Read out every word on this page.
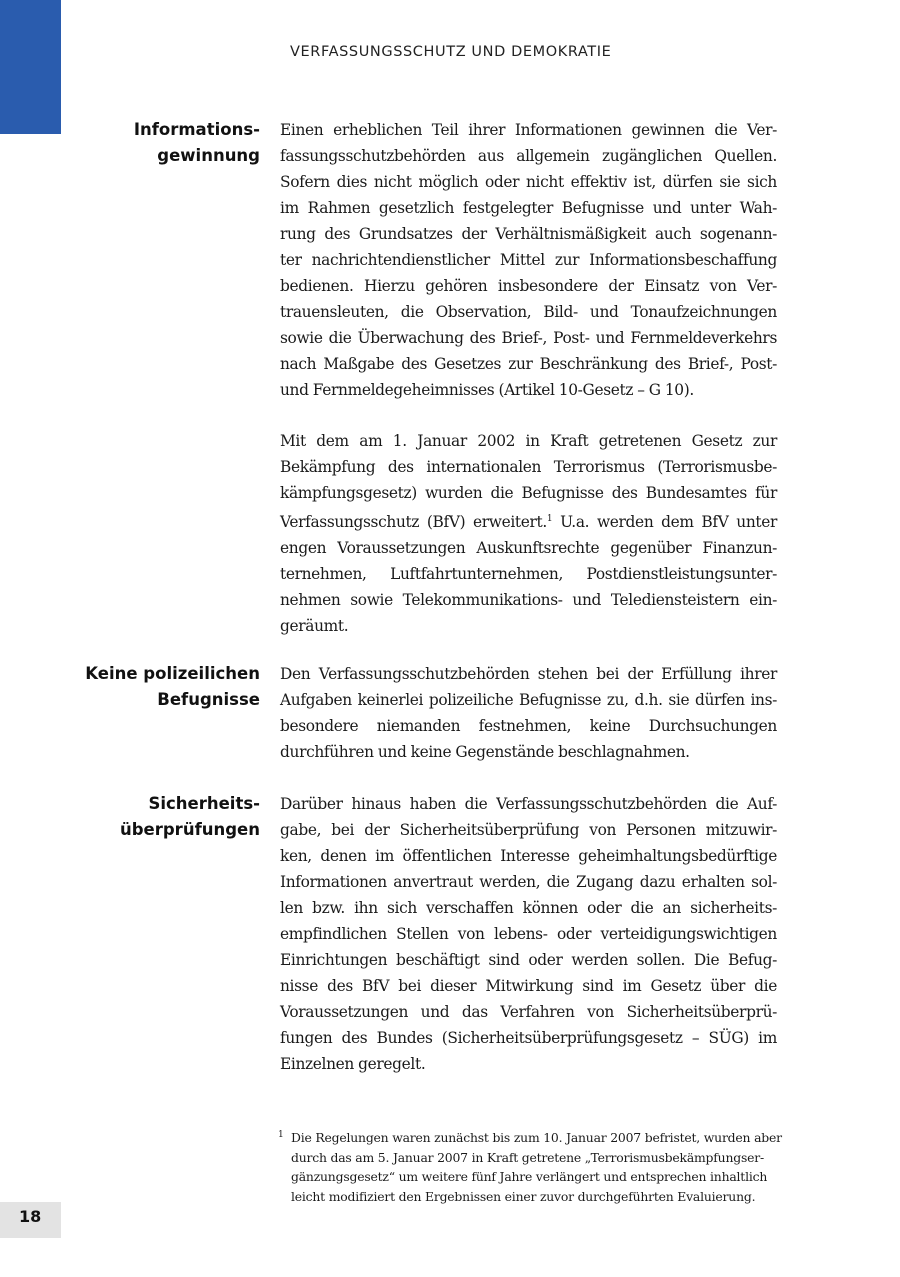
VERFASSUNGSSCHUTZ UND DEMOKRATIE
Informations-
gewinnung
Einen erheblichen Teil ihrer Informationen gewinnen die Ver-
fassungsschutzbehörden aus allgemein zugänglichen Quellen.
Sofern dies nicht möglich oder nicht effektiv ist, dürfen sie sich
im Rahmen gesetzlich festgelegter Befugnisse und unter Wah-
rung des Grundsatzes der Verhältnismäßigkeit auch sogenann-
ter nachrichtendienstlicher Mittel zur Informationsbeschaffung
bedienen. Hierzu gehören insbesondere der Einsatz von Ver-
trauensleuten, die Observation, Bild- und Tonaufzeichnungen
sowie die Überwachung des Brief-, Post- und Fernmeldeverkehrs
nach Maßgabe des Gesetzes zur Beschränkung des Brief-, Post-
und Fernmeldegeheimnisses (Artikel 10-Gesetz – G 10).
Mit dem am 1. Januar 2002 in Kraft getretenen Gesetz zur
Bekämpfung des internationalen Terrorismus (Terrorismusbe-
kämpfungsgesetz) wurden die Befugnisse des Bundesamtes für
Verfassungsschutz (BfV) erweitert.$^1$ U.a. werden dem BfV unter
engen Voraussetzungen Auskunftsrechte gegenüber Finanzun-
ternehmen, Luftfahrtunternehmen, Postdienstleistungsunter-
nehmen sowie Telekommunikations- und Telediensteistern ein-
geräumt.
Keine polizeilichen
Befugnisse
Den Verfassungsschutzbehörden stehen bei der Erfüllung ihrer
Aufgaben keinerlei polizeiliche Befugnisse zu, d.h. sie dürfen ins-
besondere niemanden festnehmen, keine Durchsuchungen
durchführen und keine Gegenstände beschlagnahmen.
Sicherheits-
überprüfungen
Darüber hinaus haben die Verfassungsschutzbehörden die Auf-
gabe, bei der Sicherheitsüberprüfung von Personen mitzuwir-
ken, denen im öffentlichen Interesse geheimhaltungsbedürftige
Informationen anvertraut werden, die Zugang dazu erhalten sol-
len bzw. ihn sich verschaffen können oder die an sicherheits-
empfindlichen Stellen von lebens- oder verteidigungswichtigen
Einrichtungen beschäftigt sind oder werden sollen. Die Befug-
nisse des BfV bei dieser Mitwirkung sind im Gesetz über die
Voraussetzungen und das Verfahren von Sicherheitsüberprü-
fungen des Bundes (Sicherheitsüberprüfungsgesetz – SÜG) im
Einzelnen geregelt.
1 Die Regelungen waren zunächst bis zum 10. Januar 2007 befristet, wurden aber
durch das am 5. Januar 2007 in Kraft getretene „Terrorismusbekämpfungser-
gänzungsgesetz“ um weitere fünf Jahre verlängert und entsprechen inhaltlich
leicht modifiziert den Ergebnissen einer zuvor durchgeführten Evaluierung.
18
